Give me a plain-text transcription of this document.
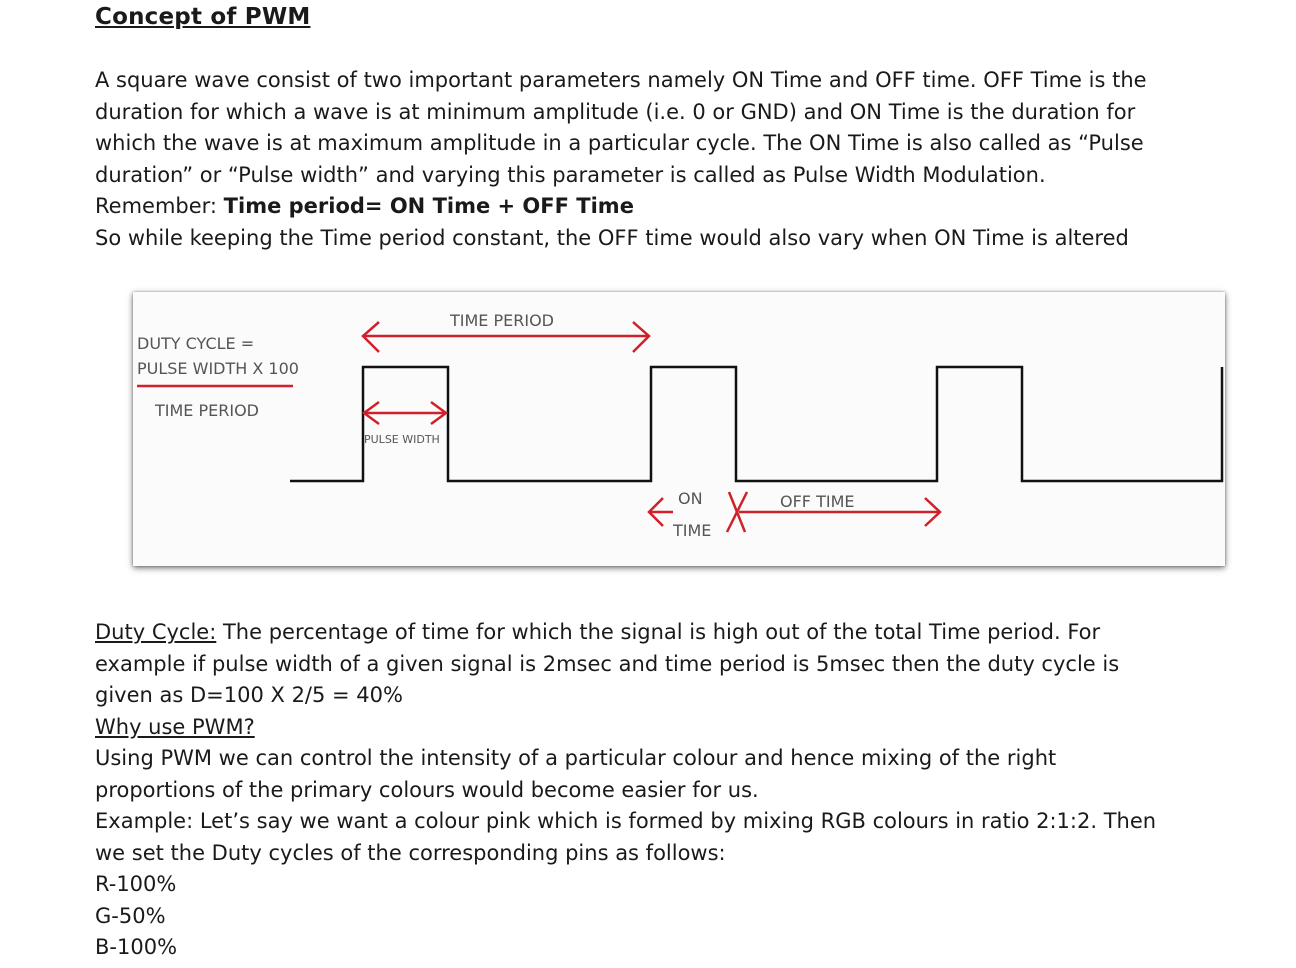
Concept of PWM
A square wave consist of two important parameters namely ON Time and OFF time. OFF Time is the
duration for which a wave is at minimum amplitude (i.e. 0 or GND) and ON Time is the duration for
which the wave is at maximum amplitude in a particular cycle. The ON Time is also called as “Pulse
duration” or “Pulse width” and varying this parameter is called as Pulse Width Modulation.
Remember: Time period= ON Time + OFF Time
So while keeping the Time period constant, the OFF time would also vary when ON Time is altered
DUTY CYCLE =
PULSE WIDTH X 100
TIME PERIOD
TIME PERIOD
PULSE WIDTH
ON
TIME
OFF TIME
Duty Cycle: The percentage of time for which the signal is high out of the total Time period. For
example if pulse width of a given signal is 2msec and time period is 5msec then the duty cycle is
given as D=100 X 2/5 = 40%
Why use PWM?
Using PWM we can control the intensity of a particular colour and hence mixing of the right
proportions of the primary colours would become easier for us.
Example: Let’s say we want a colour pink which is formed by mixing RGB colours in ratio 2:1:2. Then
we set the Duty cycles of the corresponding pins as follows:
R-100%
G-50%
B-100%
